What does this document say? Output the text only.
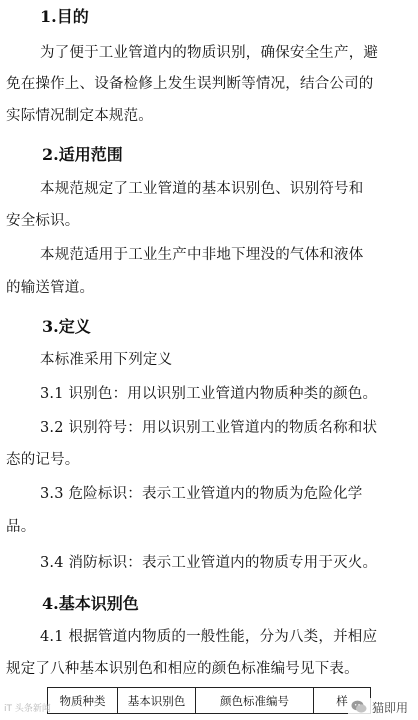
1.目的
为了便于工业管道内的物质识别，确保安全生产，避
免在操作上、设备检修上发生误判断等情况，结合公司的
实际情况制定本规范。
2.适用范围
本规范规定了工业管道的基本识别色、识别符号和
安全标识。
本规范适用于工业生产中非地下埋没的气体和液体
的输送管道。
3.定义
本标准采用下列定义
3.1 识别色：用以识别工业管道内物质种类的颜色。
3.2 识别符号：用以识别工业管道内的物质名称和状
态的记号。
3.3 危险标识：表示工业管道内的物质为危险化学
品。
3.4 消防标识：表示工业管道内的物质专用于灭火。
4.基本识别色
4.1 根据管道内物质的一般性能，分为八类，并相应
规定了八种基本识别色和相应的颜色标准编号见下表。
物质种类	基本识别色	颜色标准编号	样
iT 头条新闻	猫即用
